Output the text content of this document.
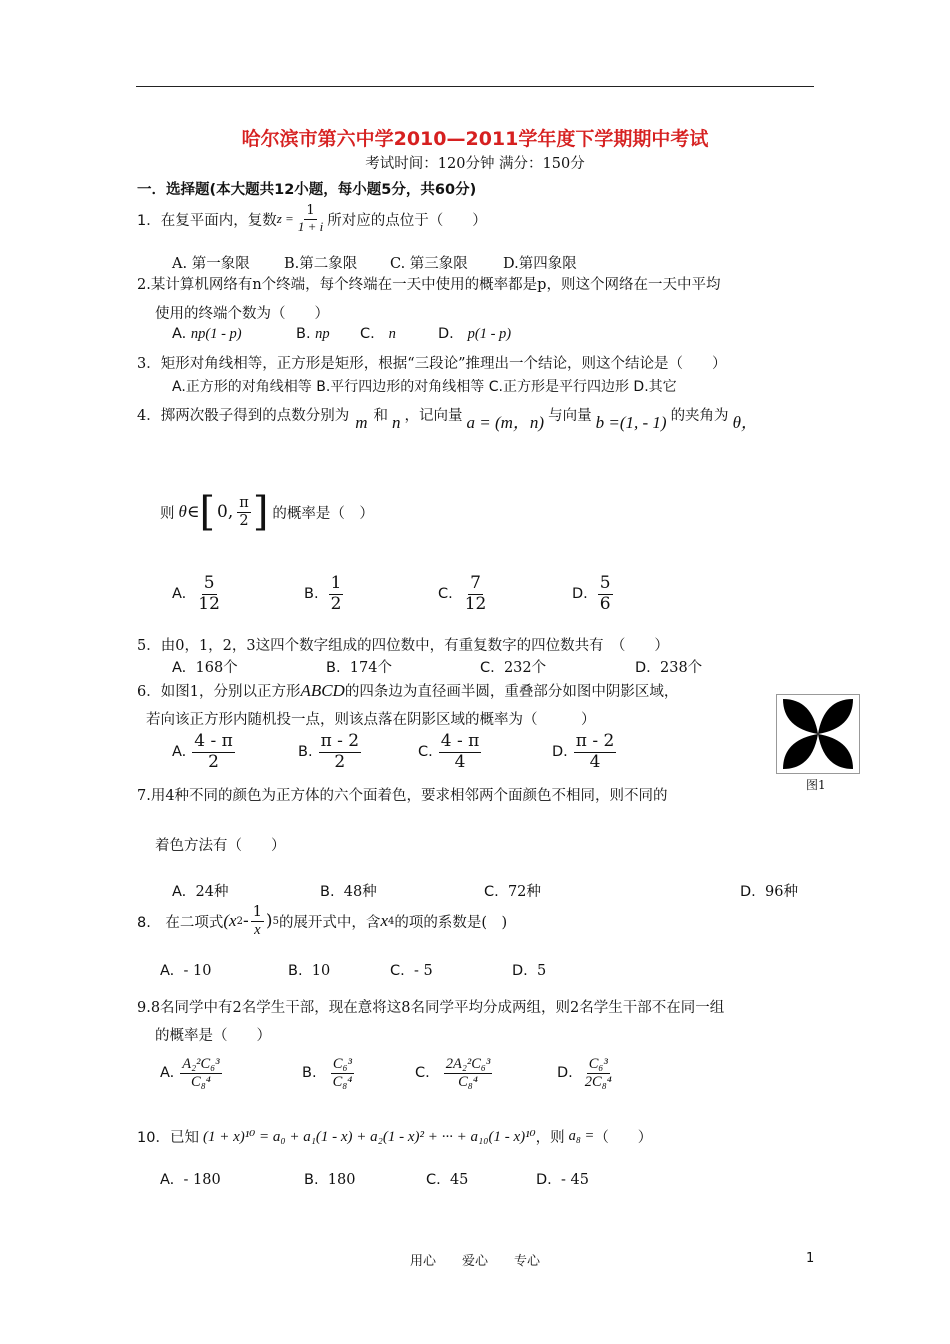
哈尔滨市第六中学2010—2011学年度下学期期中考试
考试时间：120分钟 满分：150分
一．选择题(本大题共12小题，每小题5分，共60分)
1． 在复平面内，复数 $z = \frac{1}{1 + i}$ 所对应的点位于（　　）
A. 第一象限 B.第二象限 C. 第三象限 D.第四象限
2.某计算机网络有n个终端，每个终端在一天中使用的概率都是p，则这个网络在一天中平均
使用的终端个数为（　　）
A. np(1 - p)	B. np C. n	D. p(1 - p)
3．矩形对角线相等，正方形是矩形，根据“三段论”推理出一个结论，则这个结论是（　　）
A.正方形的对角线相等 B.平行四边形的对角线相等 C.正方形是平行四边形 D.其它
4．掷两次骰子得到的点数分别为 m 和 n ，记向量 a = (m，n) 与向量 b =(1, - 1) 的夹角为 θ，
则 θ∈ [ 0, $\frac{\pi}{2}$ ] 的概率是（　）
A. $\frac{5}{12}$	B. $\frac{1}{2}$	C. $\frac{7}{12}$	D. $\frac{5}{6}$
5．由0，1，2，3这四个数字组成的四位数中，有重复数字的四位数共有　（　　）
A. 168个	B. 174个	C. 232个	D. 238个
6．如图1，分别以正方形 ABCD 的四条边为直径画半圆，重叠部分如图中阴影区域，
若向该正方形内随机投一点，则该点落在阴影区域的概率为（　　　）
A. $\frac{4 - \pi}{2}$	B. $\frac{\pi - 2}{2}$	C. $\frac{4 - \pi}{4}$	D. $\frac{\pi - 2}{4}$
图1
7.用4种不同的颜色为正方体的六个面着色，要求相邻两个面颜色不相同，则不同的
着色方法有（　　）
A. 24种	B. 48种	C. 72种	D. 96种
8.　在二项式 (x $2 - \frac{1}{x}$ ) 5 的展开式中，含 x 4 的项的系数是(　)
A. - 10	B. 10	C. - 5	D. 5
9.8名同学中有2名学生干部，现在意将这8名同学平均分成两组，则2名学生干部不在同一组
的概率是（　　）
A. $\frac{\text{A₂²C₆³}}{\text{C₈⁴}}$	B. $\frac{\text{C₆³}}{\text{C₈⁴}}$	C. $\frac{\text{2A₂²C₆³}}{\text{C₈⁴}}$	D. $\frac{\text{C₆³}}{\text{2C₈⁴}}$
10．已知 (1 + x)¹⁰ = a₀ + a₁(1 - x) + a₂(1 - x)² + ··· + a₁₀(1 - x)¹⁰ ，则 a₈ = （　　）
A. - 180	B. 180	C. 45	D. - 45
用心　　爱心　　专心	1
